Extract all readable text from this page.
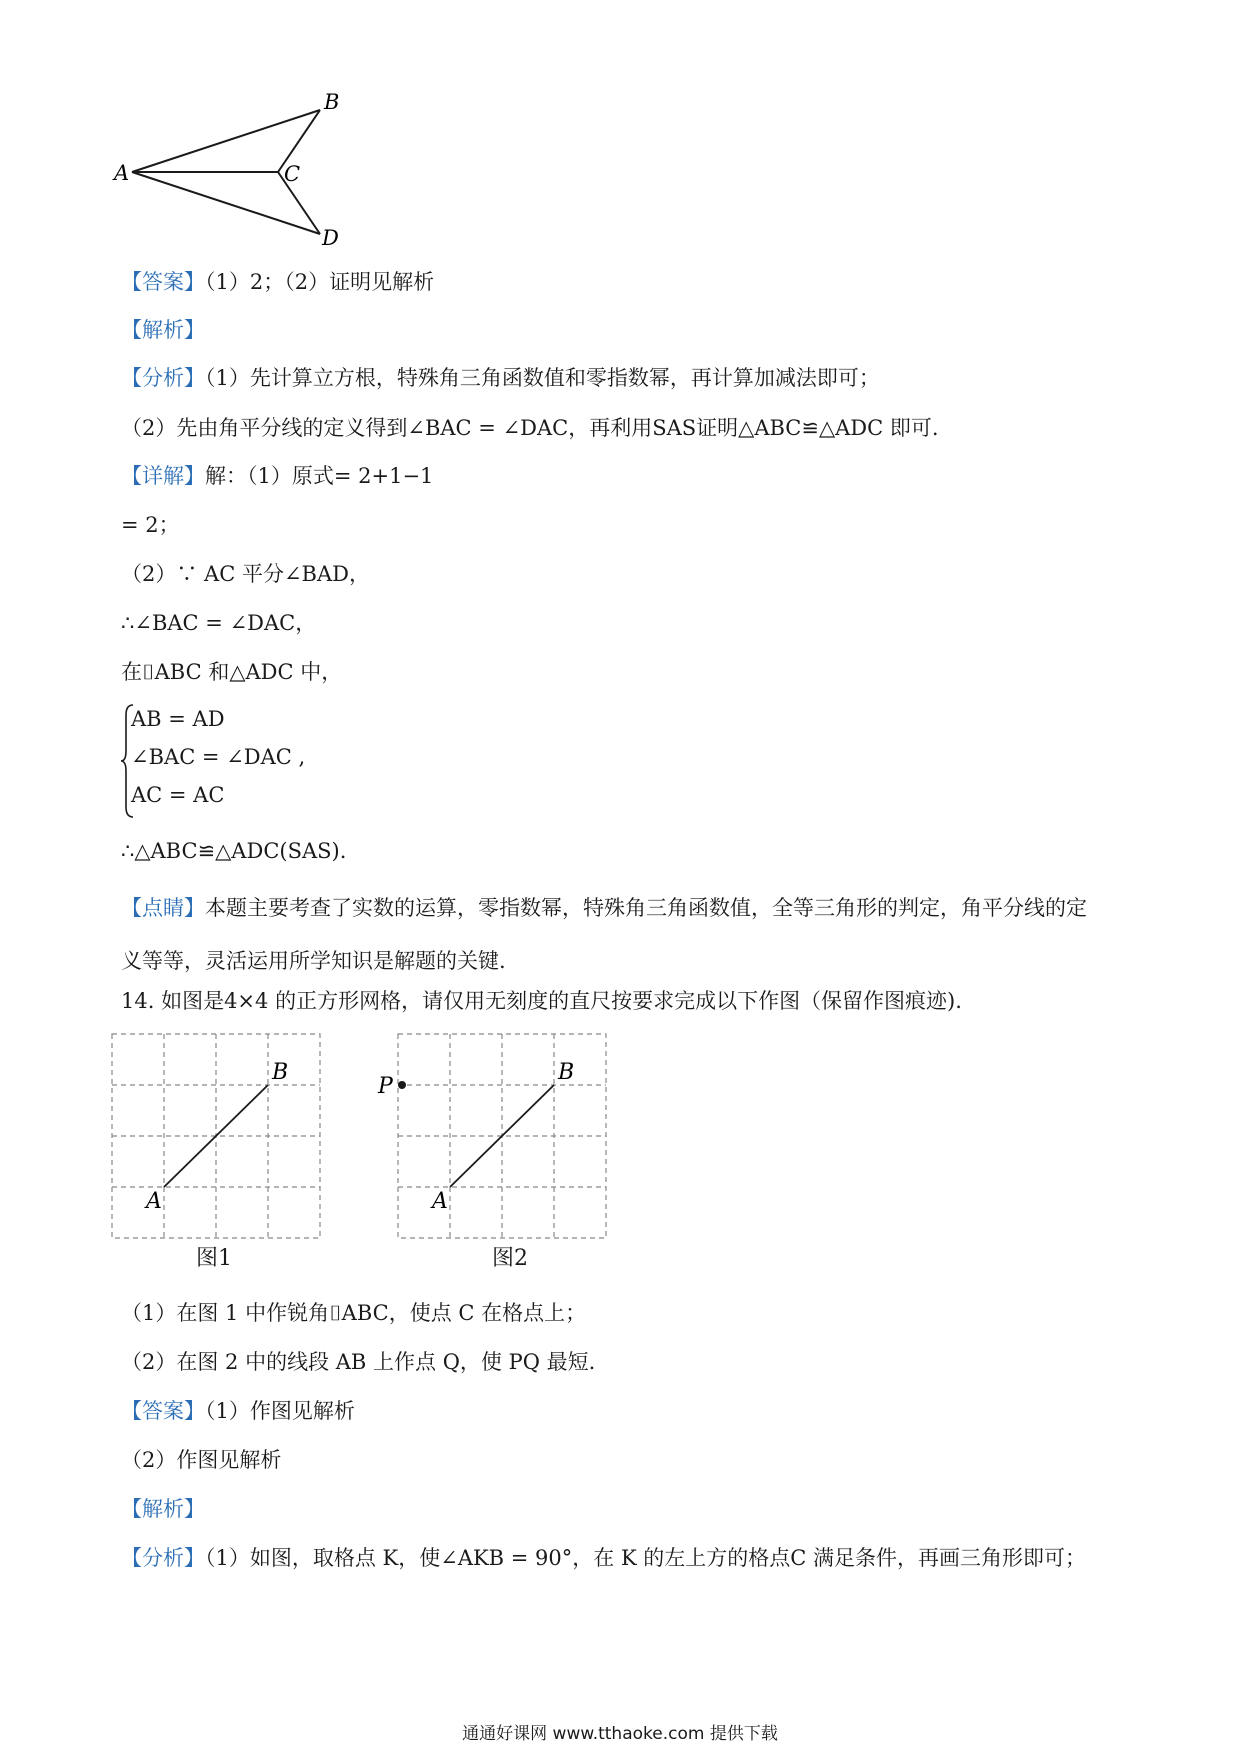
A
B
C
D
【答案】（1）2；（2）证明见解析
【解析】
【分析】（1）先计算立方根，特殊角三角函数值和零指数幂，再计算加减法即可；
（2）先由角平分线的定义得到∠BAC = ∠DAC，再利用SAS证明△ABC≌△ADC 即可.
【详解】解：（1）原式= 2+1−1
= 2；
（2）∵ AC 平分∠BAD，
∴∠BAC = ∠DAC，
在⌷ABC 和△ADC 中，
AB = AD
∠BAC = ∠DAC ,
AC = AC
∴△ABC≌△ADC(SAS).
【点睛】本题主要考查了实数的运算，零指数幂，特殊角三角函数值，全等三角形的判定，角平分线的定
义等等，灵活运用所学知识是解题的关键.
14. 如图是4×4 的正方形网格，请仅用无刻度的直尺按要求完成以下作图（保留作图痕迹).
A
B
图1
P
A
B
图2
（1）在图 1 中作锐角⌷ABC，使点 C 在格点上；
（2）在图 2 中的线段 AB 上作点 Q，使 PQ 最短.
【答案】（1）作图见解析
（2）作图见解析
【解析】
【分析】（1）如图，取格点 K，使∠AKB = 90°，在 K 的左上方的格点C 满足条件，再画三角形即可；
通通好课网 www.tthaoke.com 提供下载
